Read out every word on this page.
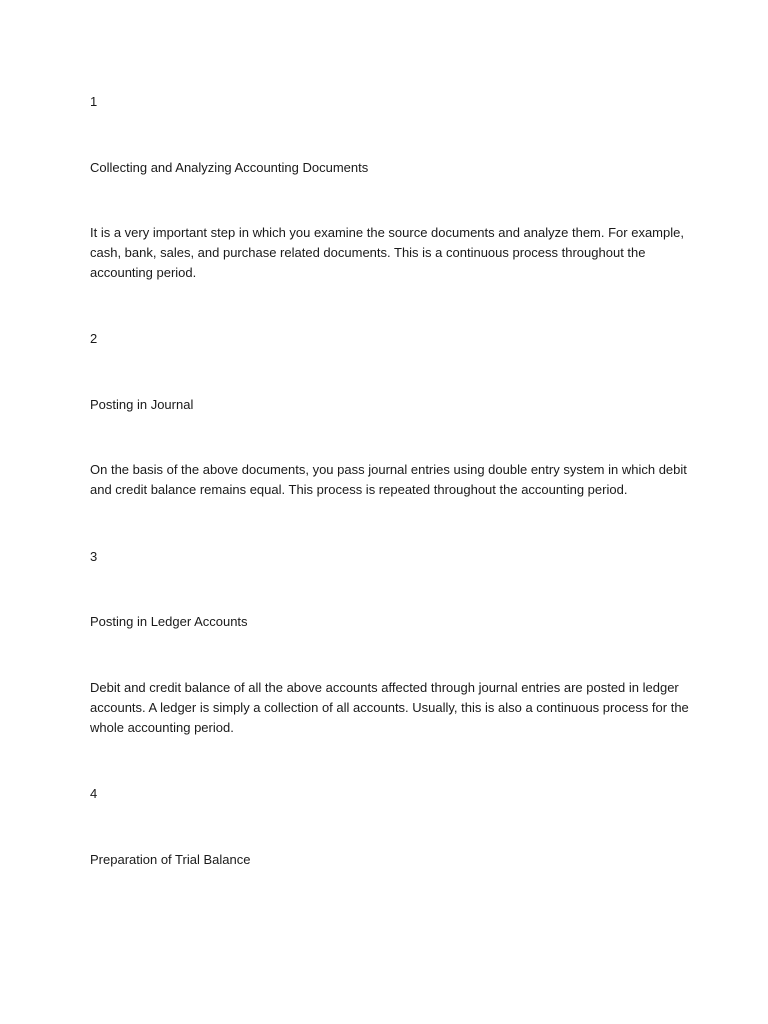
1

Collecting and Analyzing Accounting Documents

It is a very important step in which you examine the source documents and analyze them. For example,
cash, bank, sales, and purchase related documents. This is a continuous process throughout the
accounting period.

2

Posting in Journal

On the basis of the above documents, you pass journal entries using double entry system in which debit
and credit balance remains equal. This process is repeated throughout the accounting period.

3

Posting in Ledger Accounts

Debit and credit balance of all the above accounts affected through journal entries are posted in ledger
accounts. A ledger is simply a collection of all accounts. Usually, this is also a continuous process for the
whole accounting period.

4

Preparation of Trial Balance
